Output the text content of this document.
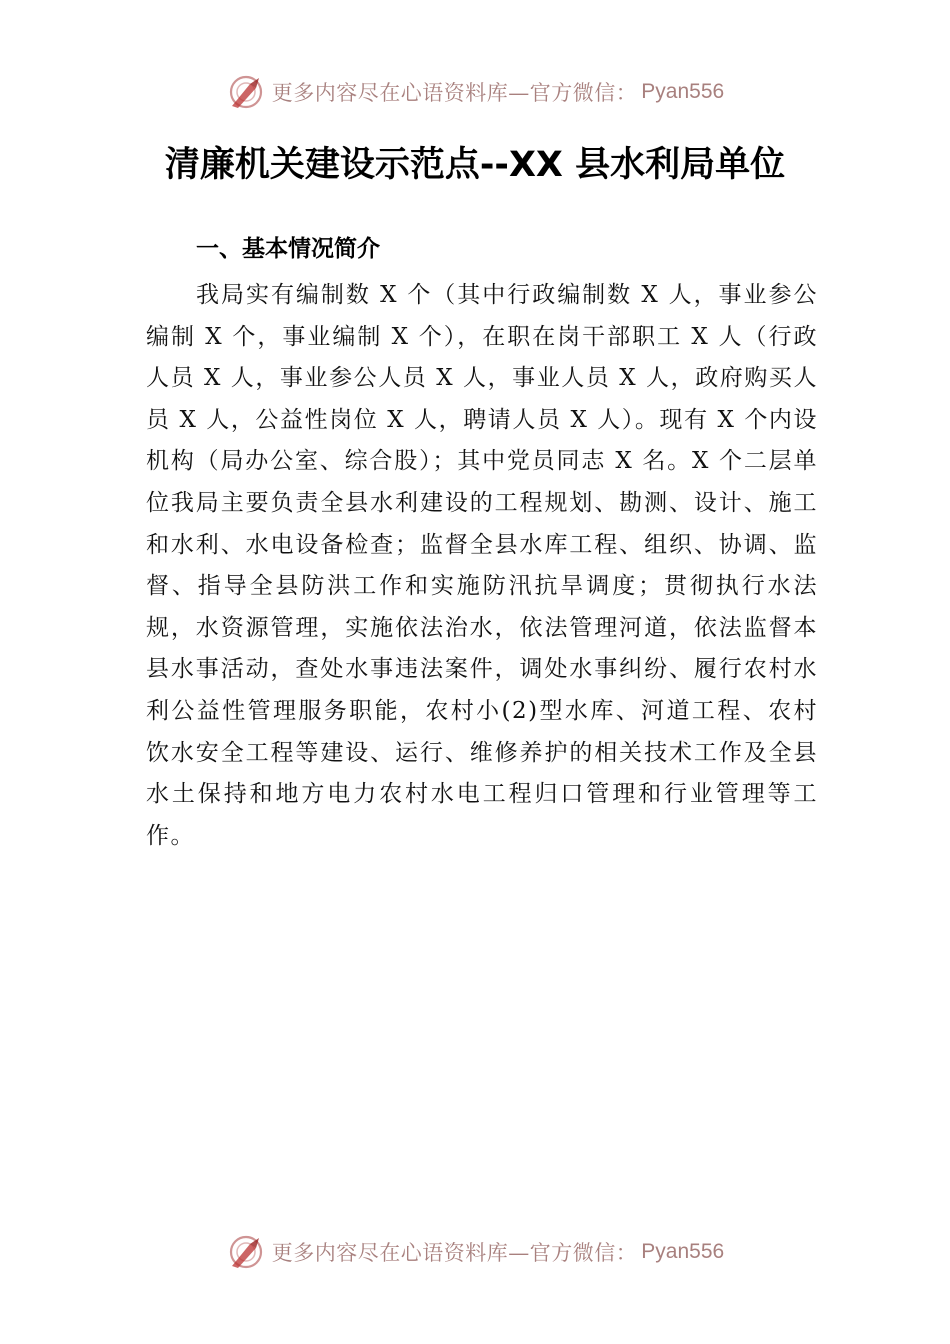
更多内容尽在心语资料库—官方微信： Pyan556
清廉机关建设示范点--XX 县水利局单位
一、基本情况简介

我局实有编制数 X 个（其中行政编制数 X 人，事业参公编制 X 个，事业编制 X 个），在职在岗干部职工 X 人（行政人员 X 人，事业参公人员 X 人，事业人员 X 人，政府购买人员 X 人，公益性岗位 X 人，聘请人员 X 人）。现有 X 个内设机构（局办公室、综合股）；其中党员同志 X 名。X 个二层单位我局主要负责全县水利建设的工程规划、勘测、设计、施工和水利、水电设备检查；监督全县水库工程、组织、协调、监督、指导全县防洪工作和实施防汛抗旱调度；贯彻执行水法规，水资源管理，实施依法治水，依法管理河道，依法监督本县水事活动，查处水事违法案件，调处水事纠纷、履行农村水利公益性管理服务职能，农村小(2)型水库、河道工程、农村饮水安全工程等建设、运行、维修养护的相关技术工作及全县水土保持和地方电力农村水电工程归口管理和行业管理等工作。

更多内容尽在心语资料库—官方微信： Pyan556
